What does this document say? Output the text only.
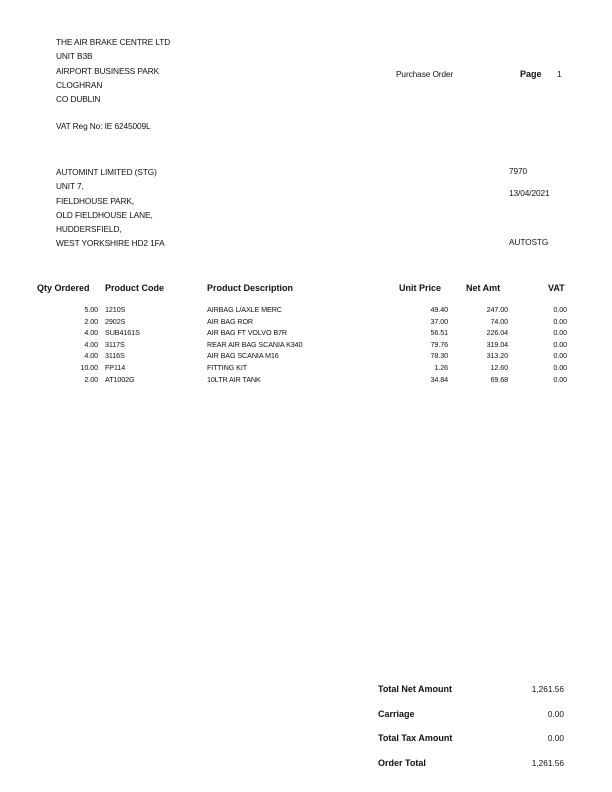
THE AIR BRAKE CENTRE LTD
UNIT B3B
AIRPORT BUSINESS PARK
CLOGHRAN
CO DUBLIN
VAT Reg No: IE 6245009L
Purchase Order	Page 1
AUTOMINT LIMITED (STG)
UNIT 7,
FIELDHOUSE PARK,
OLD FIELDHOUSE LANE,
HUDDERSFIELD,
WEST YORKSHIRE HD2 1FA
7970
13/04/2021
AUTOSTG
Qty Ordered Product Code	Product Description	Unit Price	Net Amt	VAT
5.00 1210S	AIRBAG L/AXLE MERC	49.40	247.00	0.00
2.00 2902S	AIR BAG ROR	37.00	74.00	0.00
4.00 SUB4161S	AIR BAG FT VOLVO B7R	56.51	226.04	0.00
4.00 3117S	REAR AIR BAG SCANIA K340	79.76	319.04	0.00
4.00 3116S	AIR BAG SCANIA M16	78.30	313.20	0.00
10.00 FP114	FITTING KIT	1.26	12.60	0.00
2.00 AT1002G	10LTR AIR TANK	34.84	69.68	0.00
Total Net Amount	1,261.56
Carriage	0.00
Total Tax Amount	0.00
Order Total	1,261.56
